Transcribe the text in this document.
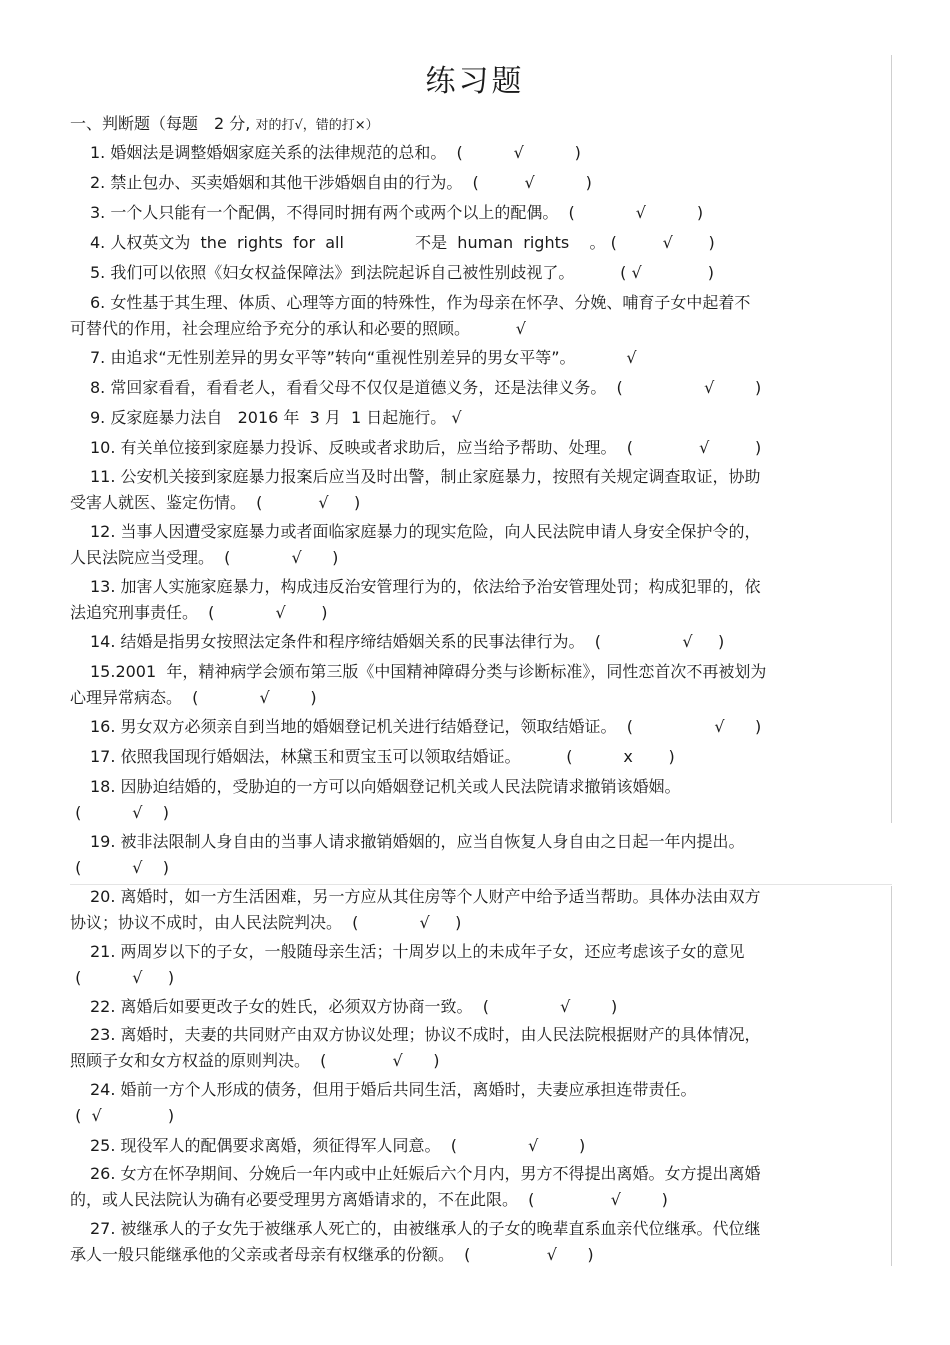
练习题
一、判断题（每题　2 分, 对的打√，错的打×）
1. 婚姻法是调整婚姻家庭关系的法律规范的总和。  (          √          )
2. 禁止包办、买卖婚姻和其他干涉婚姻自由的行为。  (         √          )
3. 一个人只能有一个配偶，不得同时拥有两个或两个以上的配偶。  (            √          )
4. 人权英文为  the  rights  for  all              不是  human  rights    。 (         √       )
5. 我们可以依照《妇女权益保障法》到法院起诉自己被性别歧视了。         ( √             )
6. 女性基于其生理、体质、心理等方面的特殊性，作为母亲在怀孕、分娩、哺育子女中起着不
可替代的作用，社会理应给予充分的承认和必要的照顾。         √
7. 由追求“无性别差异的男女平等”转向“重视性别差异的男女平等”。          √
8. 常回家看看，看看老人，看看父母不仅仅是道德义务，还是法律义务。  (                √        )
9. 反家庭暴力法自   2016 年  3 月  1 日起施行。 √
10. 有关单位接到家庭暴力投诉、反映或者求助后，应当给予帮助、处理。  (             √         )
11. 公安机关接到家庭暴力报案后应当及时出警，制止家庭暴力，按照有关规定调查取证，协助
受害人就医、鉴定伤情。  (           √     )
12. 当事人因遭受家庭暴力或者面临家庭暴力的现实危险，向人民法院申请人身安全保护令的，
人民法院应当受理。  (            √      )
13. 加害人实施家庭暴力，构成违反治安管理行为的，依法给予治安管理处罚；构成犯罪的，依
法追究刑事责任。  (            √       )
14. 结婚是指男女按照法定条件和程序缔结婚姻关系的民事法律行为。  (                √     )
15.2001  年，精神病学会颁布第三版《中国精神障碍分类与诊断标准》，同性恋首次不再被划为
心理异常病态。  (            √        )
16. 男女双方必须亲自到当地的婚姻登记机关进行结婚登记，领取结婚证。  (                √      )
17. 依照我国现行婚姻法，林黛玉和贾宝玉可以领取结婚证。         (          x       )
18. 因胁迫结婚的，受胁迫的一方可以向婚姻登记机关或人民法院请求撤销该婚姻。
(          √    )
19. 被非法限制人身自由的当事人请求撤销婚姻的，应当自恢复人身自由之日起一年内提出。
(          √    )
20. 离婚时，如一方生活困难，另一方应从其住房等个人财产中给予适当帮助。具体办法由双方
协议；协议不成时，由人民法院判决。  (            √     )
21. 两周岁以下的子女，一般随母亲生活；十周岁以上的未成年子女，还应考虑该子女的意见
(          √     )
22. 离婚后如要更改子女的姓氏，必须双方协商一致。  (              √        )
23. 离婚时，夫妻的共同财产由双方协议处理；协议不成时，由人民法院根据财产的具体情况，
照顾子女和女方权益的原则判决。  (             √      )
24. 婚前一方个人形成的债务，但用于婚后共同生活，离婚时，夫妻应承担连带责任。
(  √             )
25. 现役军人的配偶要求离婚，须征得军人同意。  (              √        )
26. 女方在怀孕期间、分娩后一年内或中止妊娠后六个月内，男方不得提出离婚。女方提出离婚
的，或人民法院认为确有必要受理男方离婚请求的，不在此限。  (               √        )
27. 被继承人的子女先于被继承人死亡的，由被继承人的子女的晚辈直系血亲代位继承。代位继
承人一般只能继承他的父亲或者母亲有权继承的份额。  (               √      )
